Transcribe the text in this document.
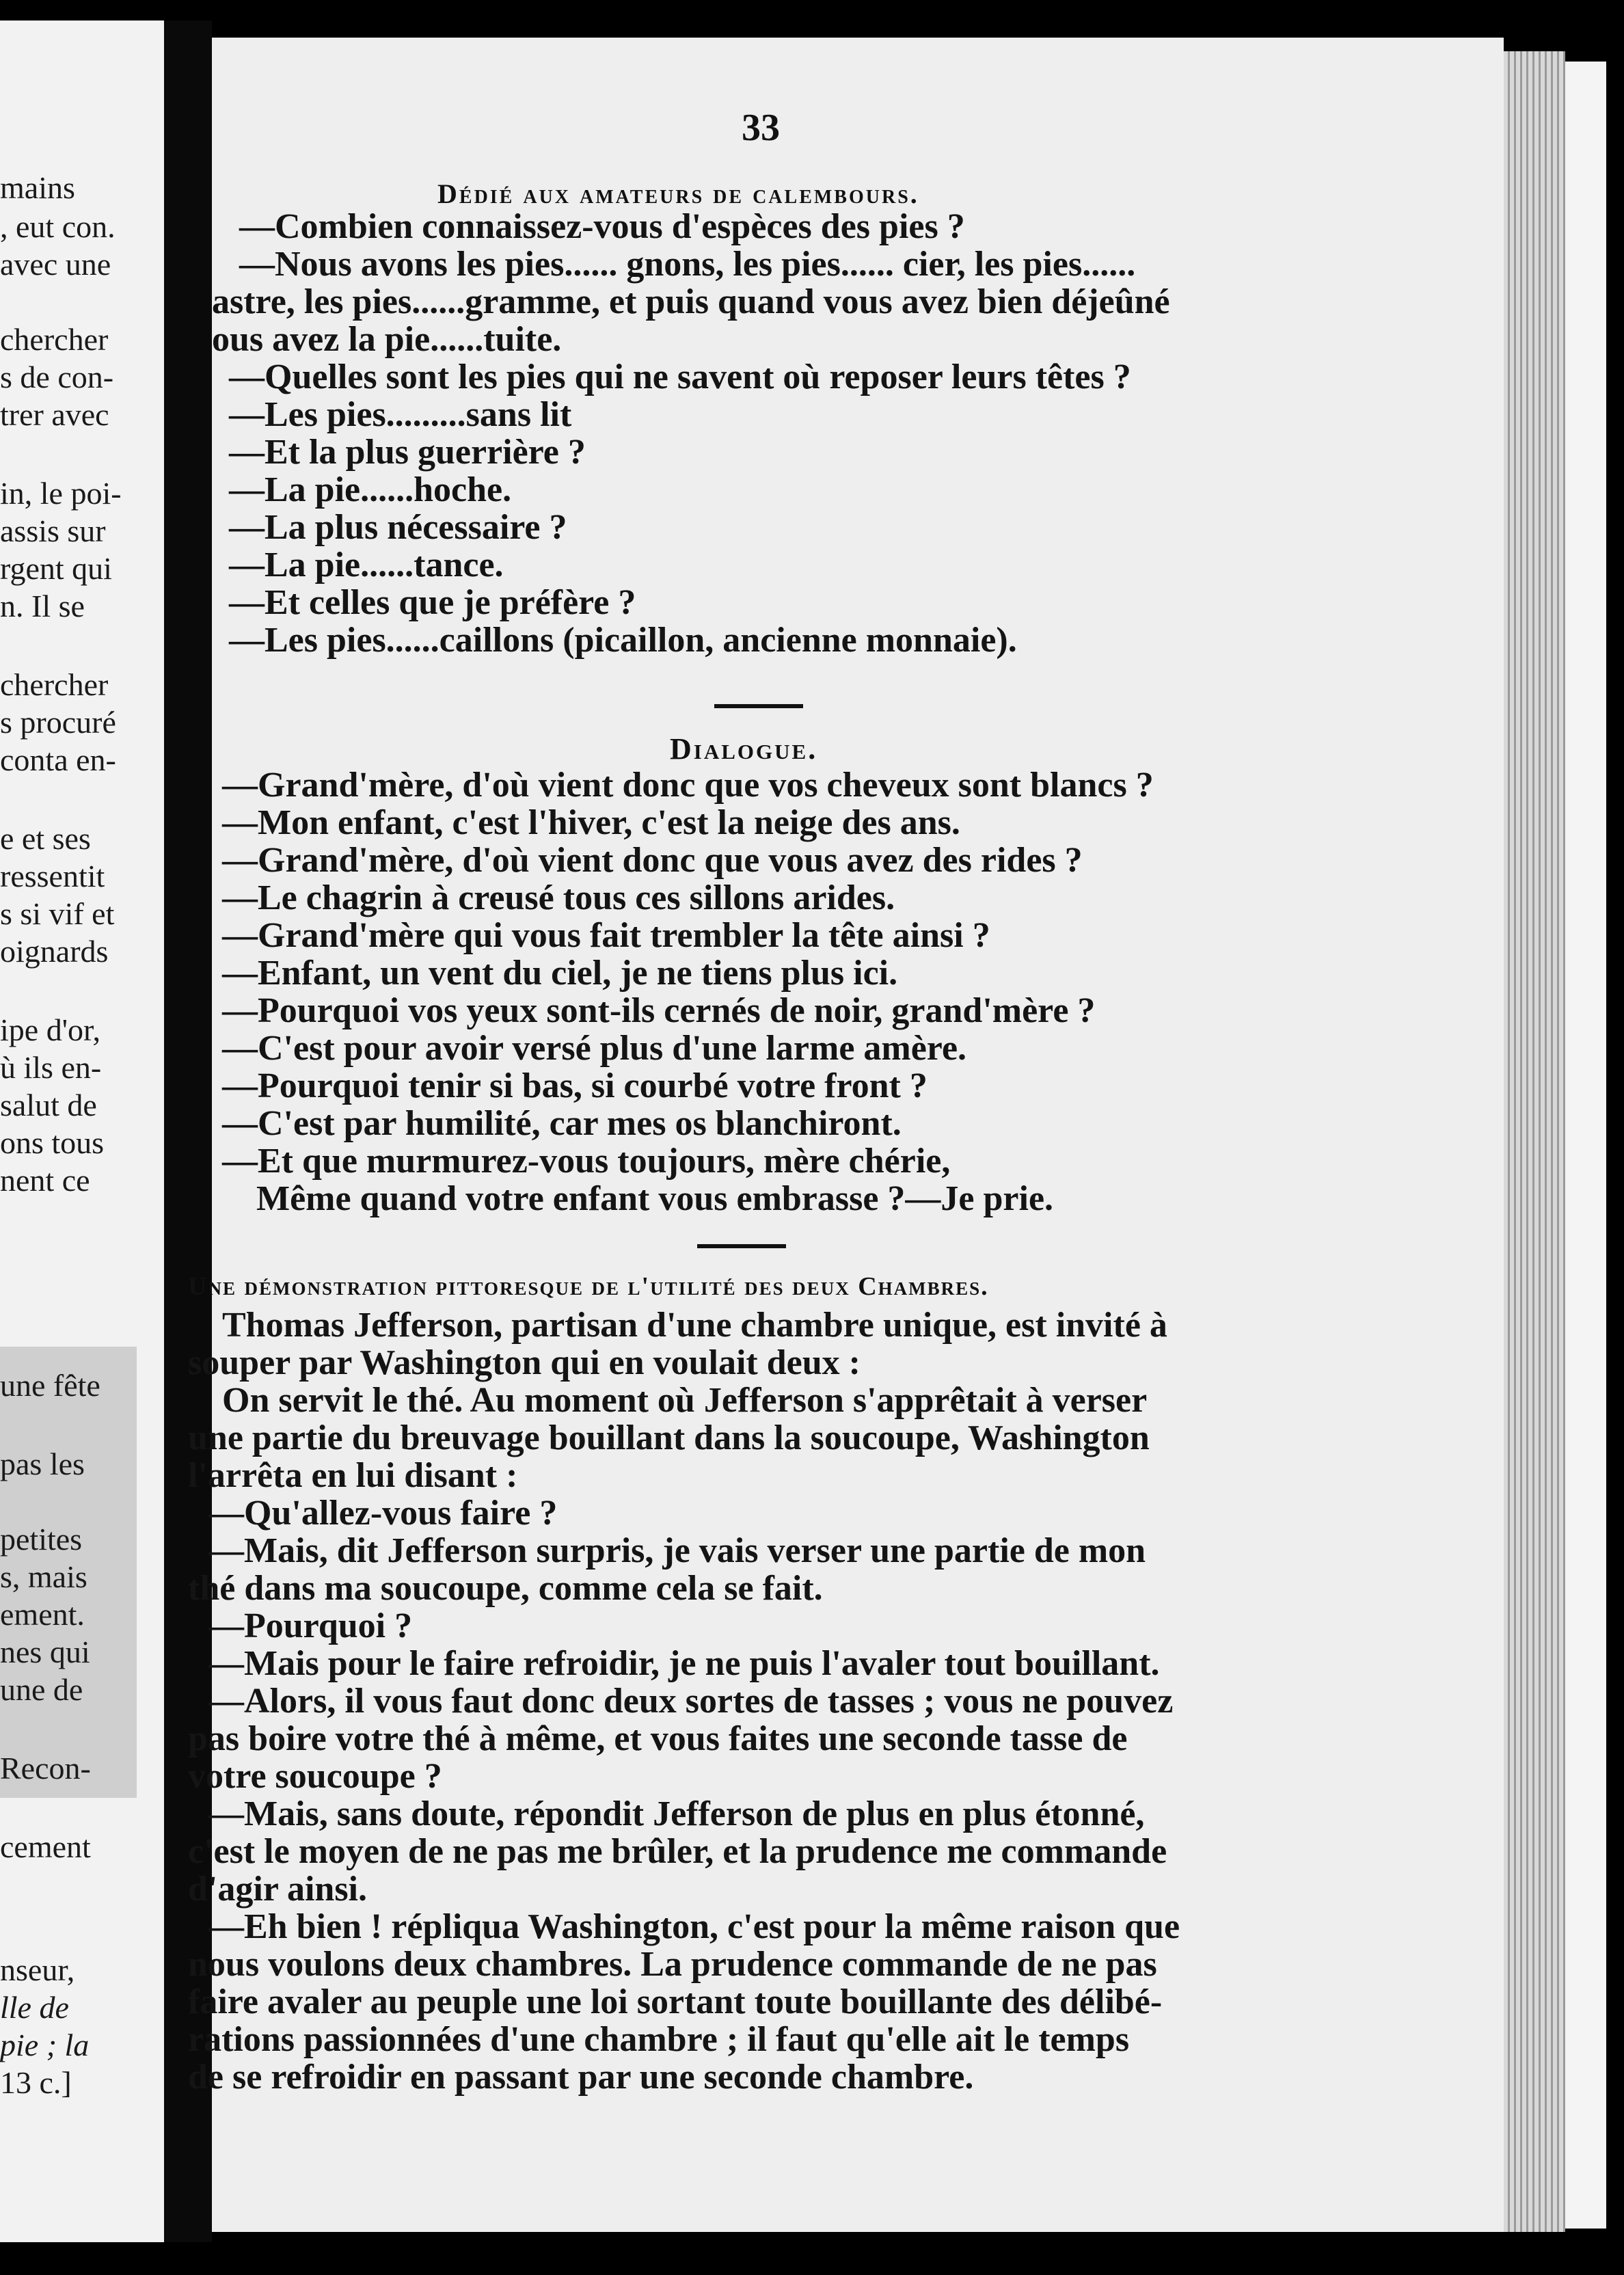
mains
, eut con.
avec une
chercher
s de con-
trer avec
in, le poi-
assis sur
rgent qui
n. Il se
chercher
s procuré
conta en-
e et ses
ressentit
s si vif et
oignards
ipe d'or,
ù ils en-
salut de
ons tous
nent ce
une fête
pas les
petites
s, mais
ement.
nes qui
une de
Recon-
cement
nseur,
lle de
pie ; la
13 c.]
33
Dédié aux amateurs de calembours.
—Combien connaissez-vous d'espèces des pies ?
—Nous avons les pies...... gnons, les pies...... cier, les pies......
astre, les pies......gramme, et puis quand vous avez bien déjeûné
ous avez la pie......tuite.
—Quelles sont les pies qui ne savent où reposer leurs têtes ?
—Les pies.........sans lit
—Et la plus guerrière ?
—La pie......hoche.
—La plus nécessaire ?
—La pie......tance.
—Et celles que je préfère ?
—Les pies......caillons (picaillon, ancienne monnaie).
Dialogue.
—Grand'mère, d'où vient donc que vos cheveux sont blancs ?
—Mon enfant, c'est l'hiver, c'est la neige des ans.
—Grand'mère, d'où vient donc que vous avez des rides ?
—Le chagrin à creusé tous ces sillons arides.
—Grand'mère qui vous fait trembler la tête ainsi ?
—Enfant, un vent du ciel, je ne tiens plus ici.
—Pourquoi vos yeux sont-ils cernés de noir, grand'mère ?
—C'est pour avoir versé plus d'une larme amère.
—Pourquoi tenir si bas, si courbé votre front ?
—C'est par humilité, car mes os blanchiront.
—Et que murmurez-vous toujours, mère chérie,
Même quand votre enfant vous embrasse ?—Je prie.
Une démonstration pittoresque de l'utilité des deux Chambres.
Thomas Jefferson, partisan d'une chambre unique, est invité à
souper par Washington qui en voulait deux :
On servit le thé. Au moment où Jefferson s'apprêtait à verser
une partie du breuvage bouillant dans la soucoupe, Washington
l'arrêta en lui disant :
—Qu'allez-vous faire ?
—Mais, dit Jefferson surpris, je vais verser une partie de mon
thé dans ma soucoupe, comme cela se fait.
—Pourquoi ?
—Mais pour le faire refroidir, je ne puis l'avaler tout bouillant.
—Alors, il vous faut donc deux sortes de tasses ; vous ne pouvez
pas boire votre thé à même, et vous faites une seconde tasse de
votre soucoupe ?
—Mais, sans doute, répondit Jefferson de plus en plus étonné,
c'est le moyen de ne pas me brûler, et la prudence me commande
d'agir ainsi.
—Eh bien ! répliqua Washington, c'est pour la même raison que
nous voulons deux chambres. La prudence commande de ne pas
faire avaler au peuple une loi sortant toute bouillante des délibé-
rations passionnées d'une chambre ; il faut qu'elle ait le temps
de se refroidir en passant par une seconde chambre.
